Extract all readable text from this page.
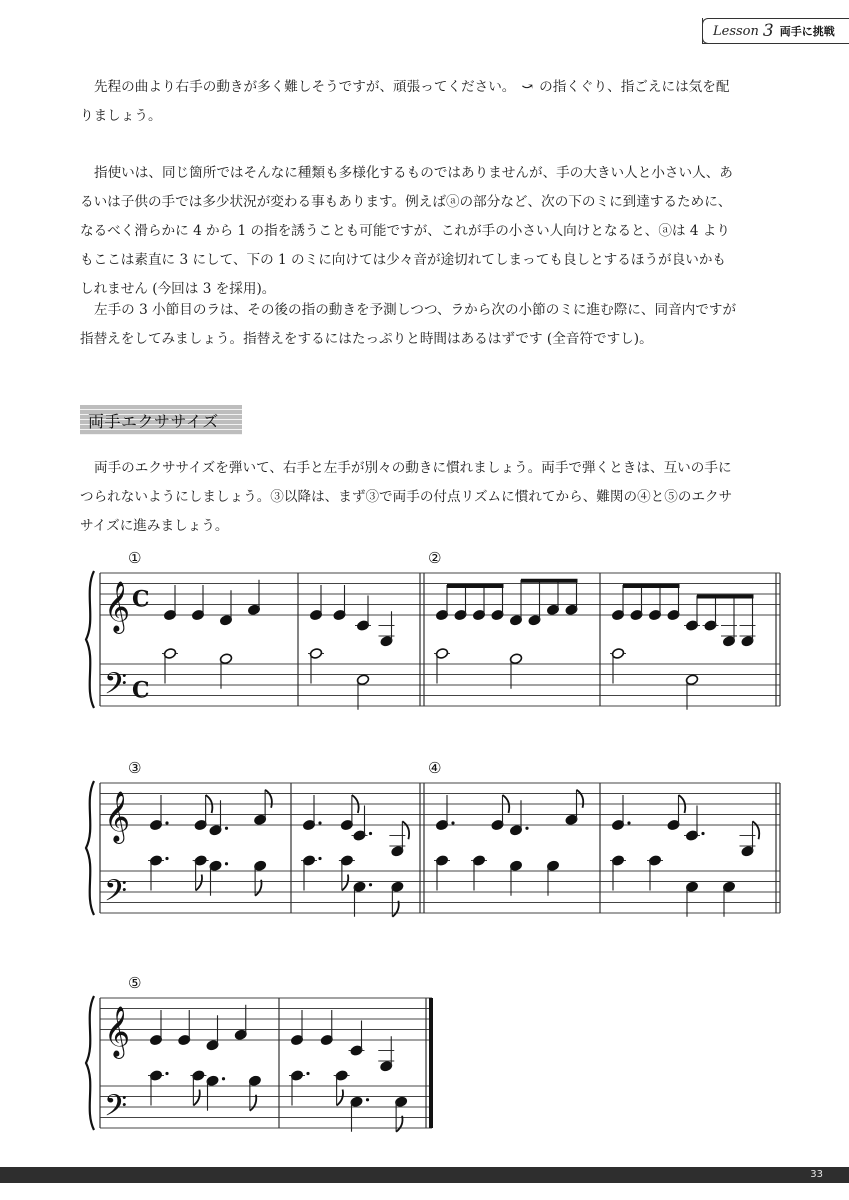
Lesson 3 両手に挑戦

先程の曲より右手の動きが多く難しそうですが、頑張ってください。 ⤻ の指くぐり、指ごえには気を配
りましょう。

指使いは、同じ箇所ではそんなに種類も多様化するものではありませんが、手の大きい人と小さい人、あ
るいは子供の手では多少状況が変わる事もあります。例えばⓐの部分など、次の下のミに到達するために、
なるべく滑らかに 4 から 1 の指を誘うことも可能ですが、これが手の小さい人向けとなると、ⓐは 4 より
もここは素直に 3 にして、下の 1 のミに向けては少々音が途切れてしまっても良しとするほうが良いかも
しれません (今回は 3 を採用)。

左手の 3 小節目のラは、その後の指の動きを予測しつつ、ラから次の小節のミに進む際に、同音内ですが
指替えをしてみましょう。指替えをするにはたっぷりと時間はあるはずです (全音符ですし)。

両手エクササイズ

両手のエクササイズを弾いて、右手と左手が別々の動きに慣れましょう。両手で弾くときは、互いの手に
つられないようにしましょう。③以降は、まず③で両手の付点リズムに慣れてから、難関の④と⑤のエクサ
サイズに進みましょう。

𝄞
𝄢
C
C
①	②
𝄞
𝄢
③	④
𝄞
𝄢
⑤
33
